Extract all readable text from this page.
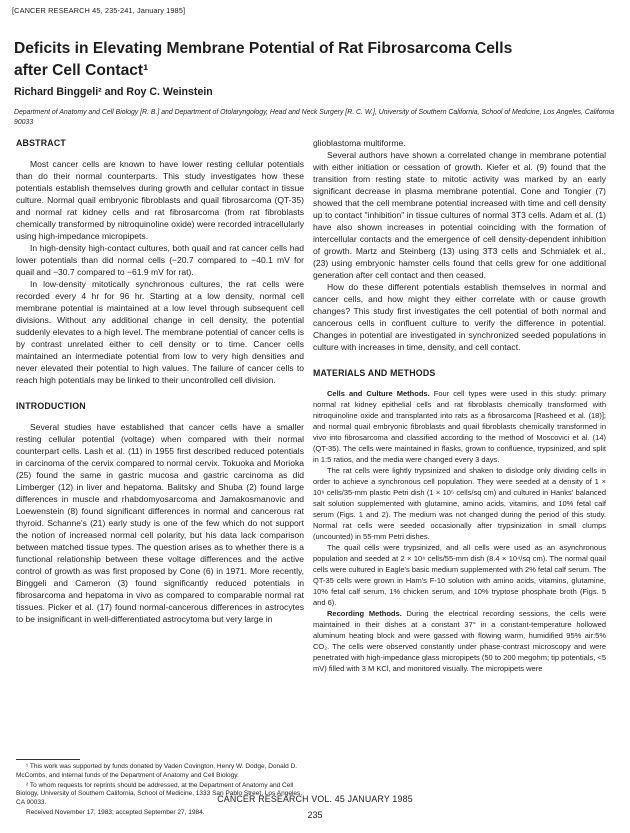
[CANCER RESEARCH 45, 235-241, January 1985]
Deficits in Elevating Membrane Potential of Rat Fibrosarcoma Cells
after Cell Contact¹
Richard Binggeli² and Roy C. Weinstein
Department of Anatomy and Cell Biology [R. B.] and Department of Otolaryngology, Head and Neck Surgery [R. C. W.], University of Southern California, School of Medicine, Los Angeles, California 90033
ABSTRACT

Most cancer cells are known to have lower resting cellular potentials than do their normal counterparts. This study investigates how these potentials establish themselves during growth and cellular contact in tissue culture. Normal quail embryonic fibroblasts and quail fibrosarcoma (QT-35) and normal rat kidney cells and rat fibrosarcoma (from rat fibroblasts chemically transformed by nitroquinoline oxide) were recorded intracellularly using high-impedance micropipets.

In high-density high-contact cultures, both quail and rat cancer cells had lower potentials than did normal cells (−20.7 compared to −40.1 mV for quail and −30.7 compared to −61.9 mV for rat).

In low-density mitotically synchronous cultures, the rat cells were recorded every 4 hr for 96 hr. Starting at a low density, normal cell membrane potential is maintained at a low level through subsequent cell divisions. Without any additional change in cell density, the potential suddenly elevates to a high level. The membrane potential of cancer cells is by contrast unrelated either to cell density or to time. Cancer cells maintained an intermediate potential from low to very high densities and never elevated their potential to high values. The failure of cancer cells to reach high potentials may be linked to their uncontrolled cell division.

INTRODUCTION

Several studies have established that cancer cells have a smaller resting cellular potential (voltage) when compared with their normal counterpart cells. Lash et al. (11) in 1955 first described reduced potentials in carcinoma of the cervix compared to normal cervix. Tokuoka and Morioka (25) found the same in gastric mucosa and gastric carcinoma as did Limberger (12) in liver and hepatoma. Balitsky and Shuba (2) found large differences in muscle and rhabdomyosarcoma and Jamakosmanovic and Loewenstein (8) found significant differences in normal and cancerous rat thyroid. Schanne's (21) early study is one of the few which do not support the notion of increased normal cell polarity, but his data lack comparison between matched tissue types. The question arises as to whether there is a functional relationship between these voltage differences and the active control of growth as was first proposed by Cone (6) in 1971. More recently, Binggeli and Cameron (3) found significantly reduced potentials in fibrosarcoma and hepatoma in vivo as compared to comparable normal rat tissues. Picker et al. (17) found normal-cancerous differences in astrocytes to be insignificant in well-differentiated astrocytoma but very large in

glioblastoma multiforme.

Several authors have shown a correlated change in membrane potential with either initiation or cessation of growth. Kiefer et al. (9) found that the transition from resting state to mitotic activity was marked by an early significant decrease in plasma membrane potential. Cone and Tongier (7) showed that the cell membrane potential increased with time and cell density up to contact "inhibition" in tissue cultures of normal 3T3 cells. Adam et al. (1) have also shown increases in potential coinciding with the formation of intercellular contacts and the emergence of cell density-dependent inhibition of growth. Martz and Steinberg (13) using 3T3 cells and Schmialek et al., (23) using embryonic hamster cells found that cells grew for one additional generation after cell contact and then ceased.

How do these different potentials establish themselves in normal and cancer cells, and how might they either correlate with or cause growth changes? This study first investigates the cell potential of both normal and cancerous cells in confluent culture to verify the difference in potential. Changes in potential are investigated in synchronized seeded populations in culture with increases in time, density, and cell contact.

MATERIALS AND METHODS

Cells and Culture Methods. Four cell types were used in this study: primary normal rat kidney epithelial cells and rat fibroblasts chemically transformed with nitroquinoline oxide and transplanted into rats as a fibrosarcoma [Rasheed et al. (18)]; and normal quail embryonic fibroblasts and quail fibroblasts chemically transformed in vivo into fibrosarcoma and classified according to the method of Moscovici et al. (14) (QT-35). The cells were maintained in flasks, grown to confluence, trypsinized, and split in 1:5 ratios, and the media were changed every 3 days.

The rat cells were lightly trypsinized and shaken to dislodge only dividing cells in order to achieve a synchronous cell population. They were seeded at a density of 1 × 10⁶ cells/35-mm plastic Petri dish (1 × 10⁵ cells/sq cm) and cultured in Hanks' balanced salt solution supplemented with glutamine, amino acids, vitamins, and 10% fetal calf serum (Figs. 1 and 2). The medium was not changed during the period of this study. Normal rat cells were seeded occasionally after trypsinization in small clumps (uncounted) in 55-mm Petri dishes.

The quail cells were trypsinized, and all cells were used as an asynchronous population and seeded at 2 × 10⁶ cells/55-mm dish (8.4 × 10⁴/sq cm). The normal quail cells were cultured in Eagle's basic medium supplemented with 2% fetal calf serum. The QT-35 cells were grown in Ham's F-10 solution with amino acids, vitamins, glutamine, 10% fetal calf serum, 1% chicken serum, and 10% tryptose phosphate broth (Figs. 5 and 6).

Recording Methods. During the electrical recording sessions, the cells were maintained in their dishes at a constant 37° in a constant-temperature hollowed aluminum heating block and were gassed with flowing warm, humidified 95% air:5% CO₂. The cells were observed constantly under phase-contrast microscopy and were penetrated with high-impedance glass micropipets (50 to 200 megohm; tip potentials, <5 mV) filled with 3 M KCl, and monitored visually. The micropipets were

¹ This work was supported by funds donated by Vaden Covington, Henry W. Dodge, Donald D. McCombs, and internal funds of the Department of Anatomy and Cell Biology.

² To whom requests for reprints should be addressed, at the Department of Anatomy and Cell Biology, University of Southern California, School of Medicine, 1333 San Pablo Street, Los Angeles, CA 90033.

Received November 17, 1983; accepted September 27, 1984.

CANCER RESEARCH VOL. 45 JANUARY 1985
235
